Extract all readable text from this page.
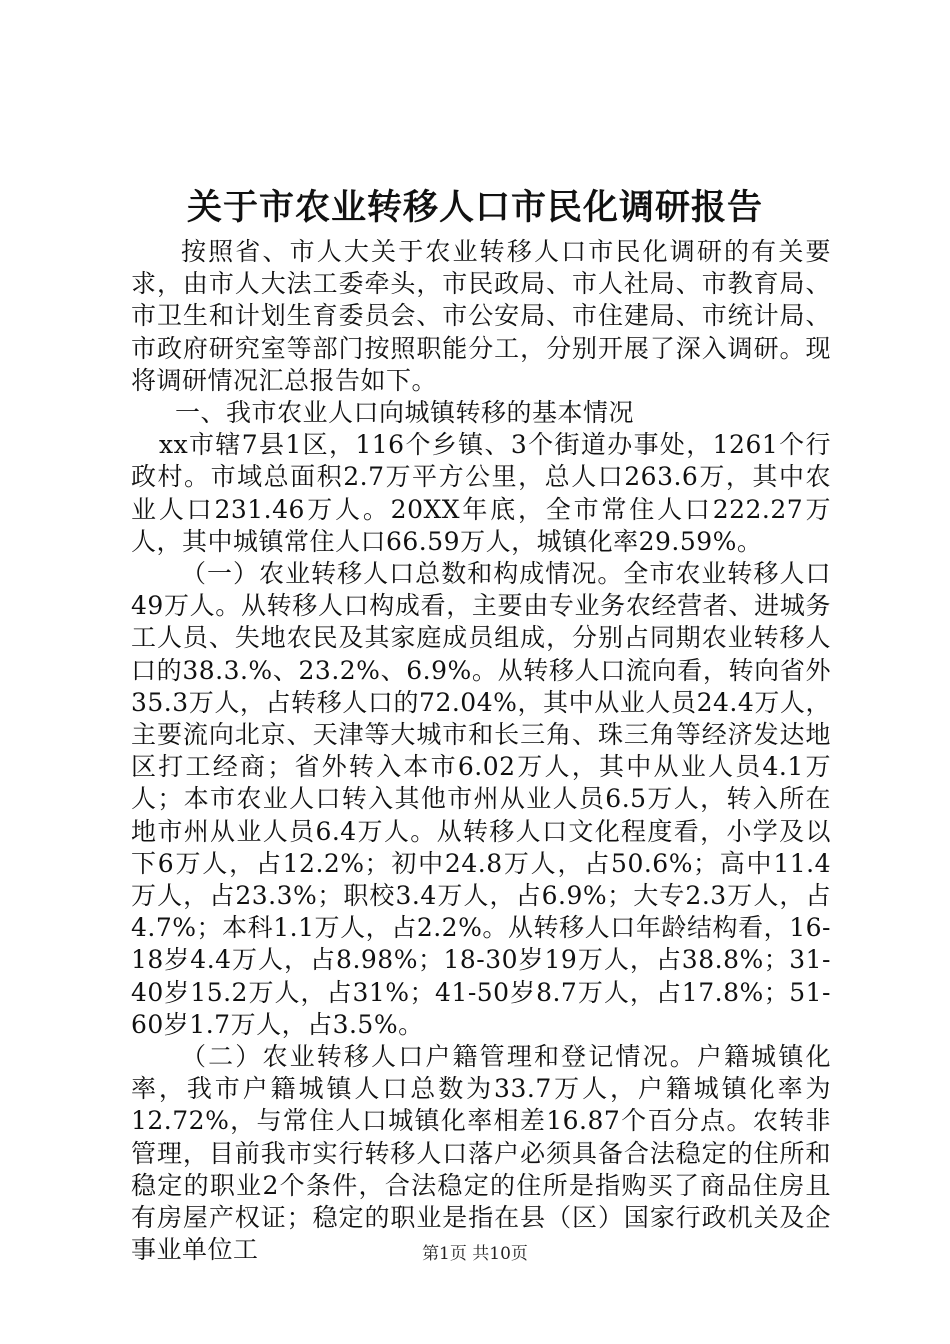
关于市农业转移人口市民化调研报告

按照省、市人大关于农业转移人口市民化调研的有关要求，由市人大法工委牵头，市民政局、市人社局、市教育局、市卫生和计划生育委员会、市公安局、市住建局、市统计局、市政府研究室等部门按照职能分工，分别开展了深入调研。现将调研情况汇总报告如下。

一、我市农业人口向城镇转移的基本情况

xx市辖7县1区，116个乡镇、3个街道办事处，1261个行政村。市域总面积2.7万平方公里，总人口263.6万，其中农业人口231.46万人。20XX年底，全市常住人口222.27万人，其中城镇常住人口66.59万人，城镇化率29.59%。

（一）农业转移人口总数和构成情况。全市农业转移人口49万人。从转移人口构成看，主要由专业务农经营者、进城务工人员、失地农民及其家庭成员组成，分别占同期农业转移人口的38.3.%、23.2%、6.9%。从转移人口流向看，转向省外35.3万人，占转移人口的72.04%，其中从业人员24.4万人，主要流向北京、天津等大城市和长三角、珠三角等经济发达地区打工经商；省外转入本市6.02万人，其中从业人员4.1万人；本市农业人口转入其他市州从业人员6.5万人，转入所在地市州从业人员6.4万人。从转移人口文化程度看，小学及以下6万人，占12.2%；初中24.8万人，占50.6%；高中11.4万人，占23.3%；职校3.4万人，占6.9%；大专2.3万人，占4.7%；本科1.1万人，占2.2%。从转移人口年龄结构看，16-18岁4.4万人，占8.98%；18-30岁19万人，占38.8%；31-40岁15.2万人，占31%；41-50岁8.7万人，占17.8%；51-60岁1.7万人，占3.5%。

（二）农业转移人口户籍管理和登记情况。户籍城镇化率，我市户籍城镇人口总数为33.7万人，户籍城镇化率为12.72%，与常住人口城镇化率相差16.87个百分点。农转非管理，目前我市实行转移人口落户必须具备合法稳定的住所和稳定的职业2个条件，合法稳定的住所是指购买了商品住房且有房屋产权证；稳定的职业是指在县（区）国家行政机关及企事业单位工	第1页 共10页
